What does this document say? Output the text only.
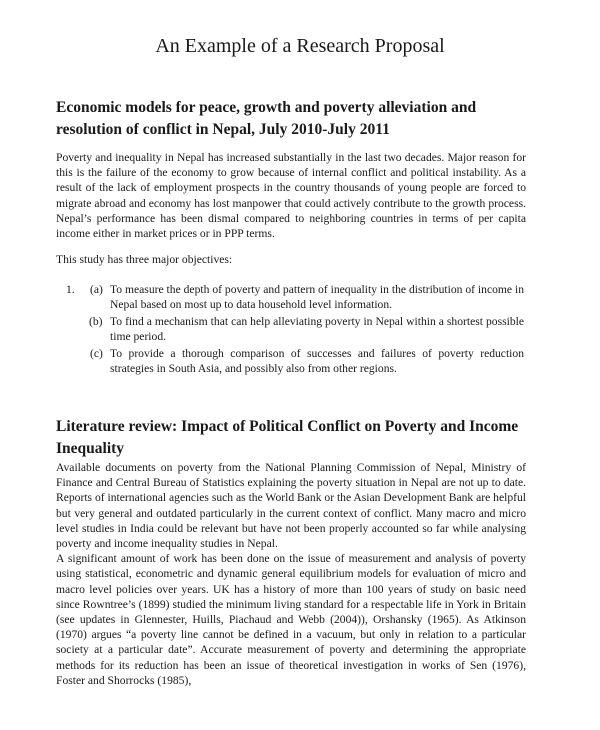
An Example of a Research Proposal
Economic models for peace, growth and poverty alleviation and resolution of conflict in Nepal, July 2010-July 2011

Poverty and inequality in Nepal has increased substantially in the last two decades. Major reason for this is the failure of the economy to grow because of internal conflict and political instability. As a result of the lack of employment prospects in the country thousands of young people are forced to migrate abroad and economy has lost manpower that could actively contribute to the growth process. Nepal’s performance has been dismal compared to neighboring countries in terms of per capita income either in market prices or in PPP terms.

This study has three major objectives:

1. (a) To measure the depth of poverty and pattern of inequality in the distribution of income in Nepal based on most up to data household level information.
(b) To find a mechanism that can help alleviating poverty in Nepal within a shortest possible time period.
(c) To provide a thorough comparison of successes and failures of poverty reduction strategies in South Asia, and possibly also from other regions.
Literature review: Impact of Political Conflict on Poverty and Income Inequality

Available documents on poverty from the National Planning Commission of Nepal, Ministry of Finance and Central Bureau of Statistics explaining the poverty situation in Nepal are not up to date. Reports of international agencies such as the World Bank or the Asian Development Bank are helpful but very general and outdated particularly in the current context of conflict. Many macro and micro level studies in India could be relevant but have not been properly accounted so far while analysing poverty and income inequality studies in Nepal.

A significant amount of work has been done on the issue of measurement and analysis of poverty using statistical, econometric and dynamic general equilibrium models for evaluation of micro and macro level policies over years. UK has a history of more than 100 years of study on basic need since Rowntree’s (1899) studied the minimum living standard for a respectable life in York in Britain (see updates in Glennester, Huills, Piachaud and Webb (2004)), Orshansky (1965). As Atkinson (1970) argues “a poverty line cannot be defined in a vacuum, but only in relation to a particular society at a particular date”. Accurate measurement of poverty and determining the appropriate methods for its reduction has been an issue of theoretical investigation in works of Sen (1976), Foster and Shorrocks (1985),
